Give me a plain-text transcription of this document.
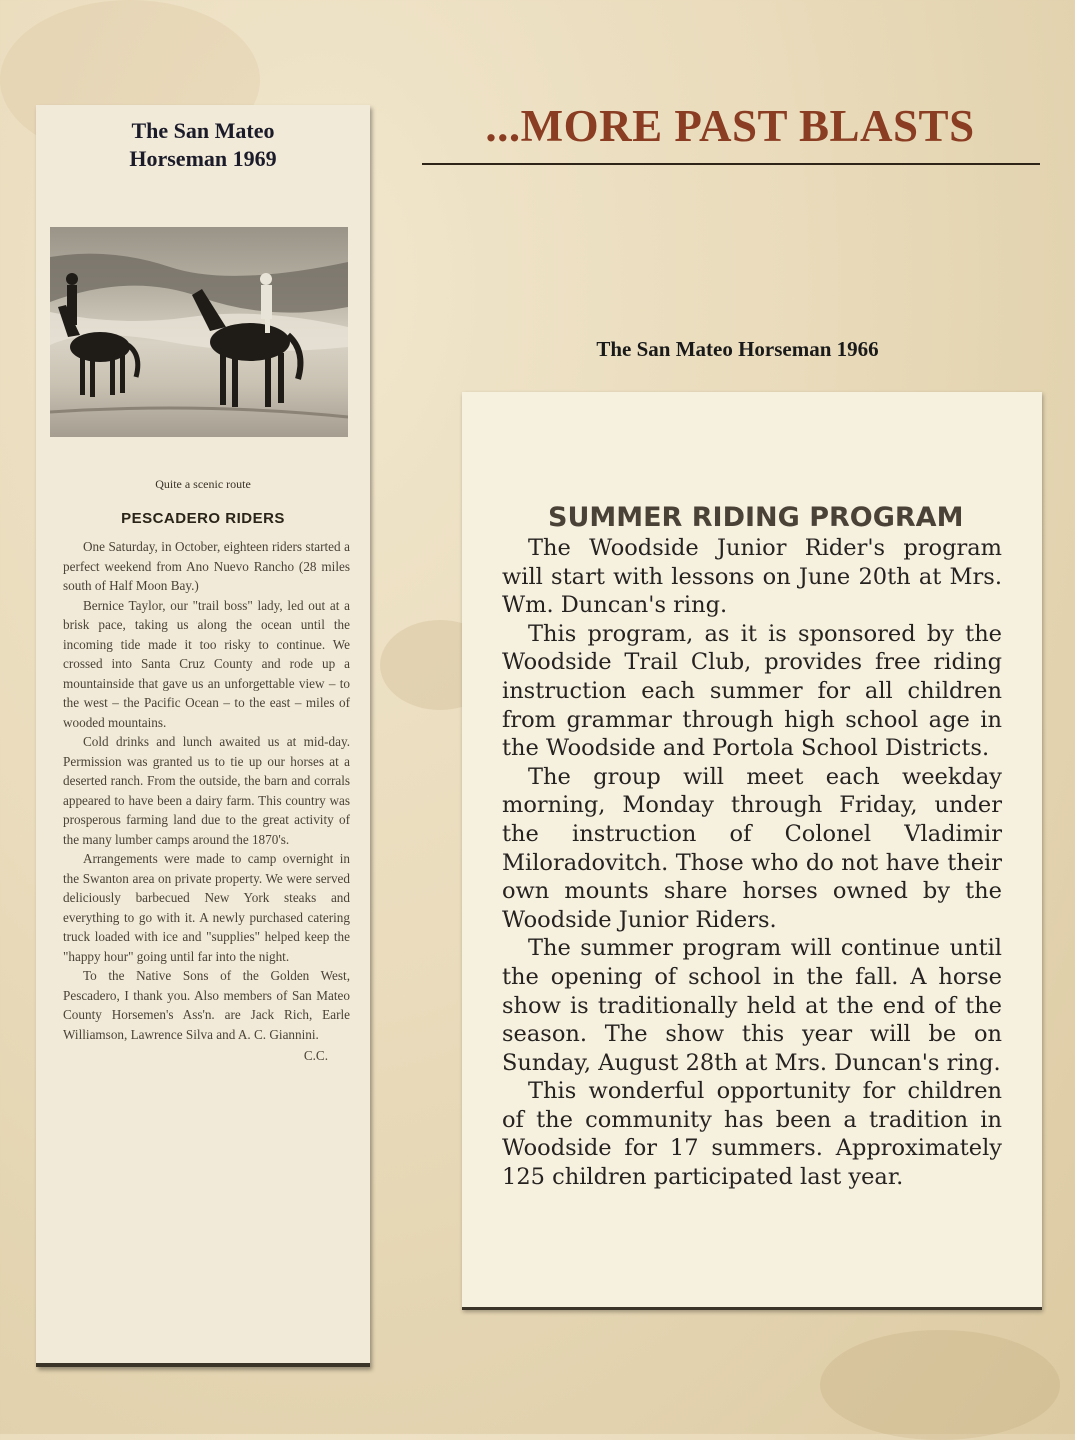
The San Mateo Horseman 1969
Quite a scenic route
PESCADERO RIDERS

One Saturday, in October, eighteen riders started a perfect weekend from Ano Nuevo Rancho (28 miles south of Half Moon Bay.)

Bernice Taylor, our "trail boss" lady, led out at a brisk pace, taking us along the ocean until the incoming tide made it too risky to continue. We crossed into Santa Cruz County and rode up a mountainside that gave us an unforgettable view – to the west – the Pacific Ocean – to the east – miles of wooded mountains.

Cold drinks and lunch awaited us at mid-day. Permission was granted us to tie up our horses at a deserted ranch. From the outside, the barn and corrals appeared to have been a dairy farm. This country was prosperous farming land due to the great activity of the many lumber camps around the 1870's.

Arrangements were made to camp overnight in the Swanton area on private property. We were served deliciously barbecued New York steaks and everything to go with it. A newly purchased catering truck loaded with ice and "supplies" helped keep the "happy hour" going until far into the night.

To the Native Sons of the Golden West, Pescadero, I thank you. Also members of San Mateo County Horsemen's Ass'n. are Jack Rich, Earle Williamson, Lawrence Silva and A. C. Giannini.

C.C.
...MORE PAST BLASTS
The San Mateo Horseman 1966
SUMMER RIDING PROGRAM

The Woodside Junior Rider's program will start with lessons on June 20th at Mrs. Wm. Duncan's ring.

This program, as it is sponsored by the Woodside Trail Club, provides free riding instruction each summer for all children from grammar through high school age in the Woodside and Portola School Districts.

The group will meet each weekday morning, Monday through Friday, under the instruction of Colonel Vladimir Miloradovitch. Those who do not have their own mounts share horses owned by the Woodside Junior Riders.

The summer program will continue until the opening of school in the fall. A horse show is traditionally held at the end of the season. The show this year will be on Sunday, August 28th at Mrs. Duncan's ring.

This wonderful opportunity for children of the community has been a tradition in Woodside for 17 summers. Approximately 125 children participated last year.
